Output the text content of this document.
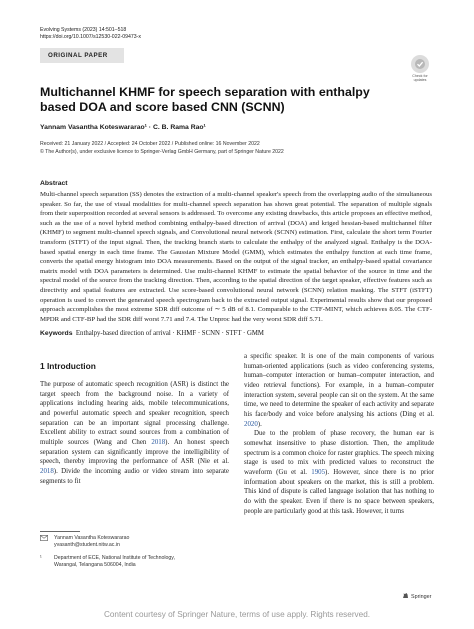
Evolving Systems (2023) 14:501–518
https://doi.org/10.1007/s12530-022-09473-x
ORIGINAL PAPER
Check for
updates
Multichannel KHMF for speech separation with enthalpy based DOA and score based CNN (SCNN)
Yannam Vasantha Koteswararao¹ · C. B. Rama Rao¹
Received: 21 January 2022 / Accepted: 24 October 2022 / Published online: 16 November 2022
© The Author(s), under exclusive licence to Springer-Verlag GmbH Germany, part of Springer Nature 2022
Abstract

Multi-channel speech separation (SS) denotes the extraction of a multi-channel speaker's speech from the overlapping audio of the simultaneous speaker. So far, the use of visual modalities for multi-channel speech separation has shown great potential. The separation of multiple signals from their superposition recorded at several sensors is addressed. To overcome any existing drawbacks, this article proposes an effective method, such as the use of a novel hybrid method combining enthalpy-based direction of arrival (DOA) and kriged hessian-based multichannel filter (KHMF) to segment multi-channel speech signals, and Convolutional neural network (SCNN) estimation. First, calculate the short term Fourier transform (STFT) of the input signal. Then, the tracking branch starts to calculate the enthalpy of the analyzed signal. Enthalpy is the DOA-based spatial energy in each time frame. The Gaussian Mixture Model (GMM), which estimates the enthalpy function at each time frame, converts the spatial energy histogram into DOA measurements. Based on the output of the signal tracker, an enthalpy-based spatial covariance matrix model with DOA parameters is determined. Use multi-channel KHMF to estimate the spatial behavior of the source in time and the spectral model of the source from the tracking direction. Then, according to the spatial direction of the target speaker, effective features such as directivity and spatial features are extracted. Use score-based convolutional neural network (SCNN) relation masking. The STFT (iSTFT) operation is used to convert the generated speech spectrogram back to the extracted output signal. Experimental results show that our proposed approach accomplishes the most extreme SDR diff outcome of ∼ 5 dB of 8.1. Comparable to the CTF-MINT, which achieves 8.05. The CTF-MPDR and CTF-BP had the SDR diff worst 7.71 and 7.4. The Unproc had the very worst SDR diff 5.71.

Keywords Enthalpy-based direction of arrival · KHMF · SCNN · STFT · GMM
1 Introduction

The purpose of automatic speech recognition (ASR) is distinct the target speech from the background noise. In a variety of applications including hearing aids, mobile telecommunications, and powerful automatic speech and speaker recognition, speech separation can be an important signal processing challenge. Excellent ability to extract sound sources from a combination of multiple sources (Wang and Chen 2018). An honest speech separation system can significantly improve the intelligibility of speech, thereby improving the performance of ASR (Nie et al. 2018). Divide the incoming audio or video stream into separate segments to fit

a specific speaker. It is one of the main components of various human-oriented applications (such as video conferencing systems, human–computer interaction or human–computer interaction, and video retrieval functions). For example, in a human–computer interaction system, several people can sit on the system. At the same time, we need to determine the speaker of each activity and separate his face/body and voice before analysing his actions (Ding et al. 2020).

Due to the problem of phase recovery, the human ear is somewhat insensitive to phase distortion. Then, the amplitude spectrum is a common choice for raster graphics. The speech mixing stage is used to mix with predicted values to reconstruct the waveform (Gu et al. 1905). However, since there is no prior information about speakers on the market, this is still a problem. This kind of dispute is called language isolation that has nothing to do with the speaker. Even if there is no space between speakers, people are particularly good at this task. However, it turns

Yannam Vasantha Koteswararao
yvasanth@student.nitw.ac.in
¹	Department of ECE, National Institute of Technology,
Warangal, Telangana 506004, India
Springer
Content courtesy of Springer Nature, terms of use apply. Rights reserved.
